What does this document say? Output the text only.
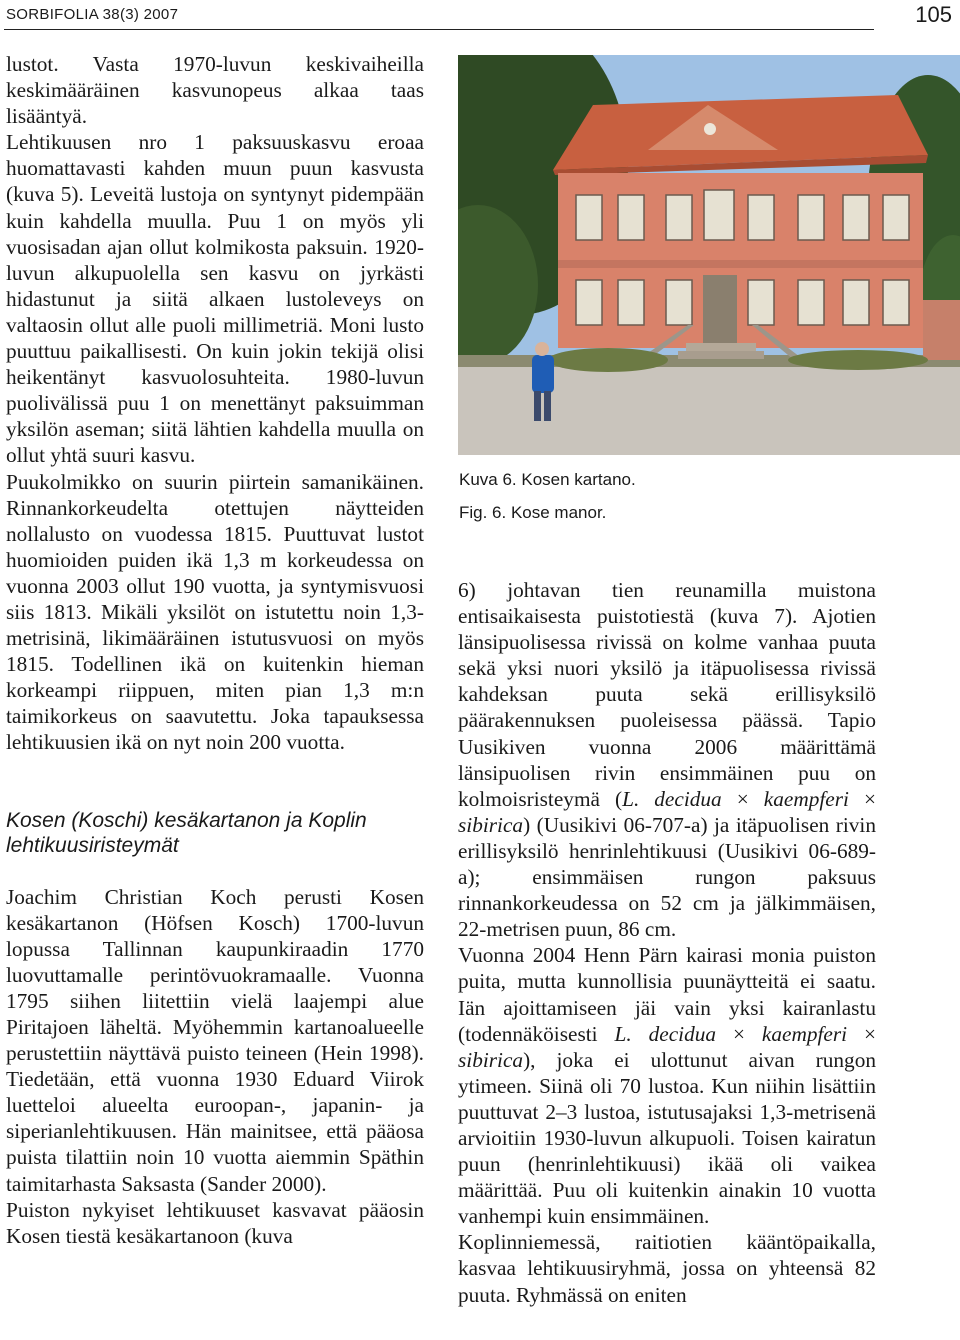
SORBIFOLIA 38(3) 2007	105

lustot. Vasta 1970-luvun keskivaiheilla keskimääräinen kasvunopeus alkaa taas lisääntyä.

Lehtikuusen nro 1 paksuuskasvu eroaa huomattavasti kahden muun puun kasvusta (kuva 5). Leveitä lustoja on syntynyt pidempään kuin kahdella muulla. Puu 1 on myös yli vuosisadan ajan ollut kolmikosta paksuin. 1920-luvun alkupuolella sen kasvu on jyrkästi hidastunut ja siitä alkaen lustoleveys on valtaosin ollut alle puoli millimetriä. Moni lusto puuttuu paikallisesti. On kuin jokin tekijä olisi heikentänyt kasvuolosuhteita. 1980-luvun puolivälissä puu 1 on menettänyt paksuimman yksilön aseman; siitä lähtien kahdella muulla on ollut yhtä suuri kasvu.

Puukolmikko on suurin piirtein samanikäinen. Rinnankorkeudelta otettujen näytteiden nollalusto on vuodessa 1815. Puuttuvat lustot huomioiden puiden ikä 1,3 m korkeudessa on vuonna 2003 ollut 190 vuotta, ja syntymisvuosi siis 1813. Mikäli yksilöt on istutettu noin 1,3-metrisinä, likimääräinen istutusvuosi on myös 1815. Todellinen ikä on kuitenkin hieman korkeampi riippuen, miten pian 1,3 m:n taimikorkeus on saavutettu. Joka tapauksessa lehtikuusien ikä on nyt noin 200 vuotta.

Kosen (Koschi) kesäkartanon ja Koplin lehtikuusiristeymät

Joachim Christian Koch perusti Kosen kesäkartanon (Höfsen Kosch) 1700-luvun lopussa Tallinnan kaupunkiraadin 1770 luovuttamalle perintövuokramaalle. Vuonna 1795 siihen liitettiin vielä laajempi alue Piritajoen läheltä. Myöhemmin kartanoalueelle perustettiin näyttävä puisto teineen (Hein 1998). Tiedetään, että vuonna 1930 Eduard Viirok luetteloi alueelta euroopan-, japanin- ja siperianlehtikuusen. Hän mainitsee, että pääosa puista tilattiin noin 10 vuotta aiemmin Späthin taimitarhasta Saksasta (Sander 2000).

Puiston nykyiset lehtikuuset kasvavat pääosin Kosen tiestä kesäkartanoon (kuva

Kuva 6. Kosen kartano.
Fig. 6. Kose manor.

6) johtavan tien reunamilla muistona entisaikaisesta puistotiestä (kuva 7). Ajotien länsipuolisessa rivissä on kolme vanhaa puuta sekä yksi nuori yksilö ja itäpuolisessa rivissä kahdeksan puuta sekä erillisyksilö päärakennuksen puoleisessa päässä. Tapio Uusikiven vuonna 2006 määrittämä länsipuolisen rivin ensimmäinen puu on kolmoisristeymä (L. decidua × kaempferi × sibirica) (Uusikivi 06-707-a) ja itäpuolisen rivin erillisyksilö henrinlehtikuusi (Uusikivi 06-689-a); ensimmäisen rungon paksuus rinnankorkeudessa on 52 cm ja jälkimmäisen, 22-metrisen puun, 86 cm.

Vuonna 2004 Henn Pärn kairasi monia puiston puita, mutta kunnollisia puunäytteitä ei saatu. Iän ajoittamiseen jäi vain yksi kairanlastu (todennäköisesti L. decidua × kaempferi × sibirica), joka ei ulottunut aivan rungon ytimeen. Siinä oli 70 lustoa. Kun niihin lisättiin puuttuvat 2–3 lustoa, istutusajaksi 1,3-metrisenä arvioitiin 1930-luvun alkupuoli. Toisen kairatun puun (henrinlehtikuusi) ikää oli vaikea määrittää. Puu oli kuitenkin ainakin 10 vuotta vanhempi kuin ensimmäinen.

Koplinniemessä, raitiotien kääntöpaikalla, kasvaa lehtikuusiryhmä, jossa on yhteensä 82 puuta. Ryhmässä on eniten
